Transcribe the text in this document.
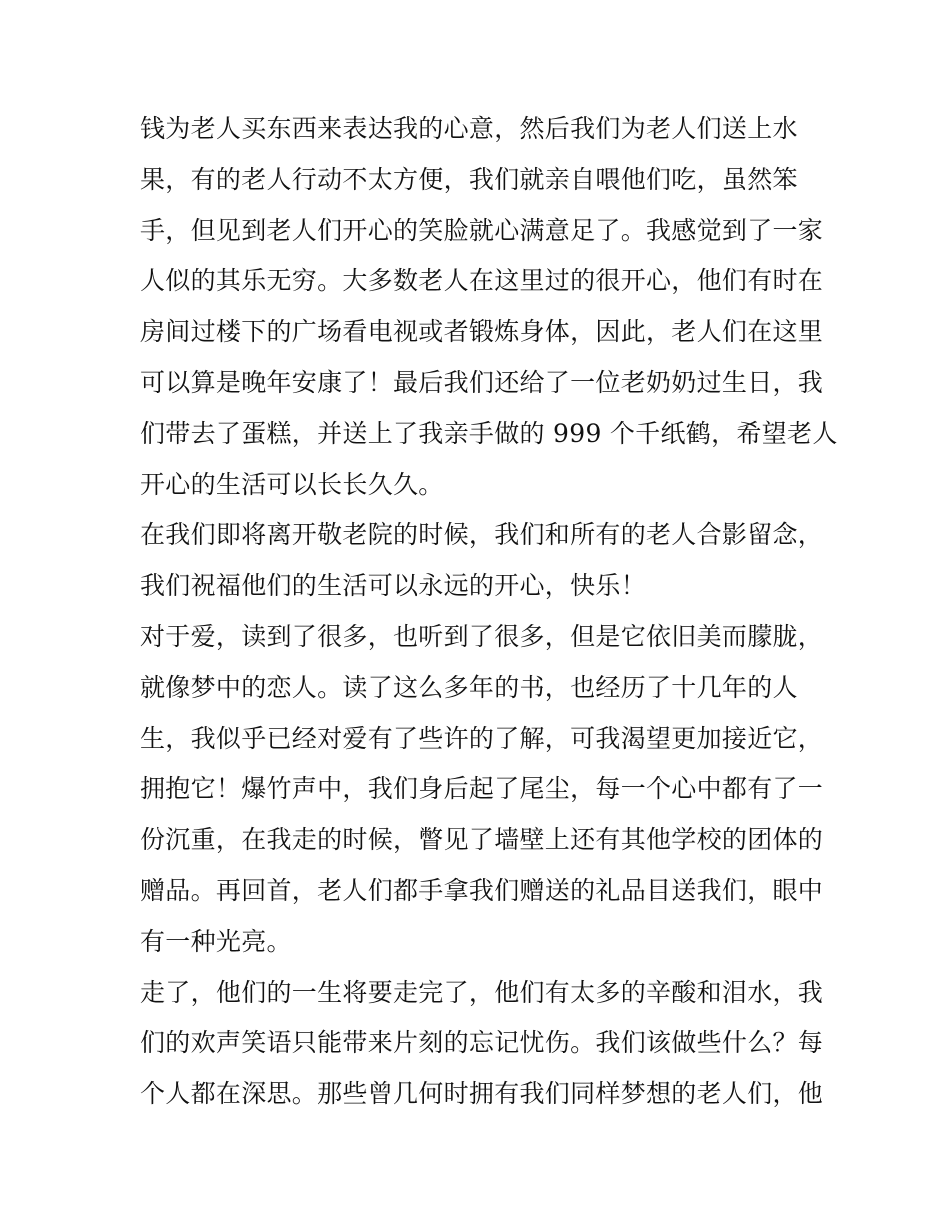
钱为老人买东西来表达我的心意，然后我们为老人们送上水
果，有的老人行动不太方便，我们就亲自喂他们吃，虽然笨
手，但见到老人们开心的笑脸就心满意足了。我感觉到了一家
人似的其乐无穷。大多数老人在这里过的很开心，他们有时在
房间过楼下的广场看电视或者锻炼身体，因此，老人们在这里
可以算是晚年安康了！最后我们还给了一位老奶奶过生日，我
们带去了蛋糕，并送上了我亲手做的 999 个千纸鹤，希望老人
开心的生活可以长长久久。
在我们即将离开敬老院的时候，我们和所有的老人合影留念，
我们祝福他们的生活可以永远的开心，快乐！
对于爱，读到了很多，也听到了很多，但是它依旧美而朦胧，
就像梦中的恋人。读了这么多年的书，也经历了十几年的人
生，我似乎已经对爱有了些许的了解，可我渴望更加接近它，
拥抱它！爆竹声中，我们身后起了尾尘，每一个心中都有了一
份沉重，在我走的时候，瞥见了墙壁上还有其他学校的团体的
赠品。再回首，老人们都手拿我们赠送的礼品目送我们，眼中
有一种光亮。
走了，他们的一生将要走完了，他们有太多的辛酸和泪水，我
们的欢声笑语只能带来片刻的忘记忧伤。我们该做些什么？每
个人都在深思。那些曾几何时拥有我们同样梦想的老人们，他
